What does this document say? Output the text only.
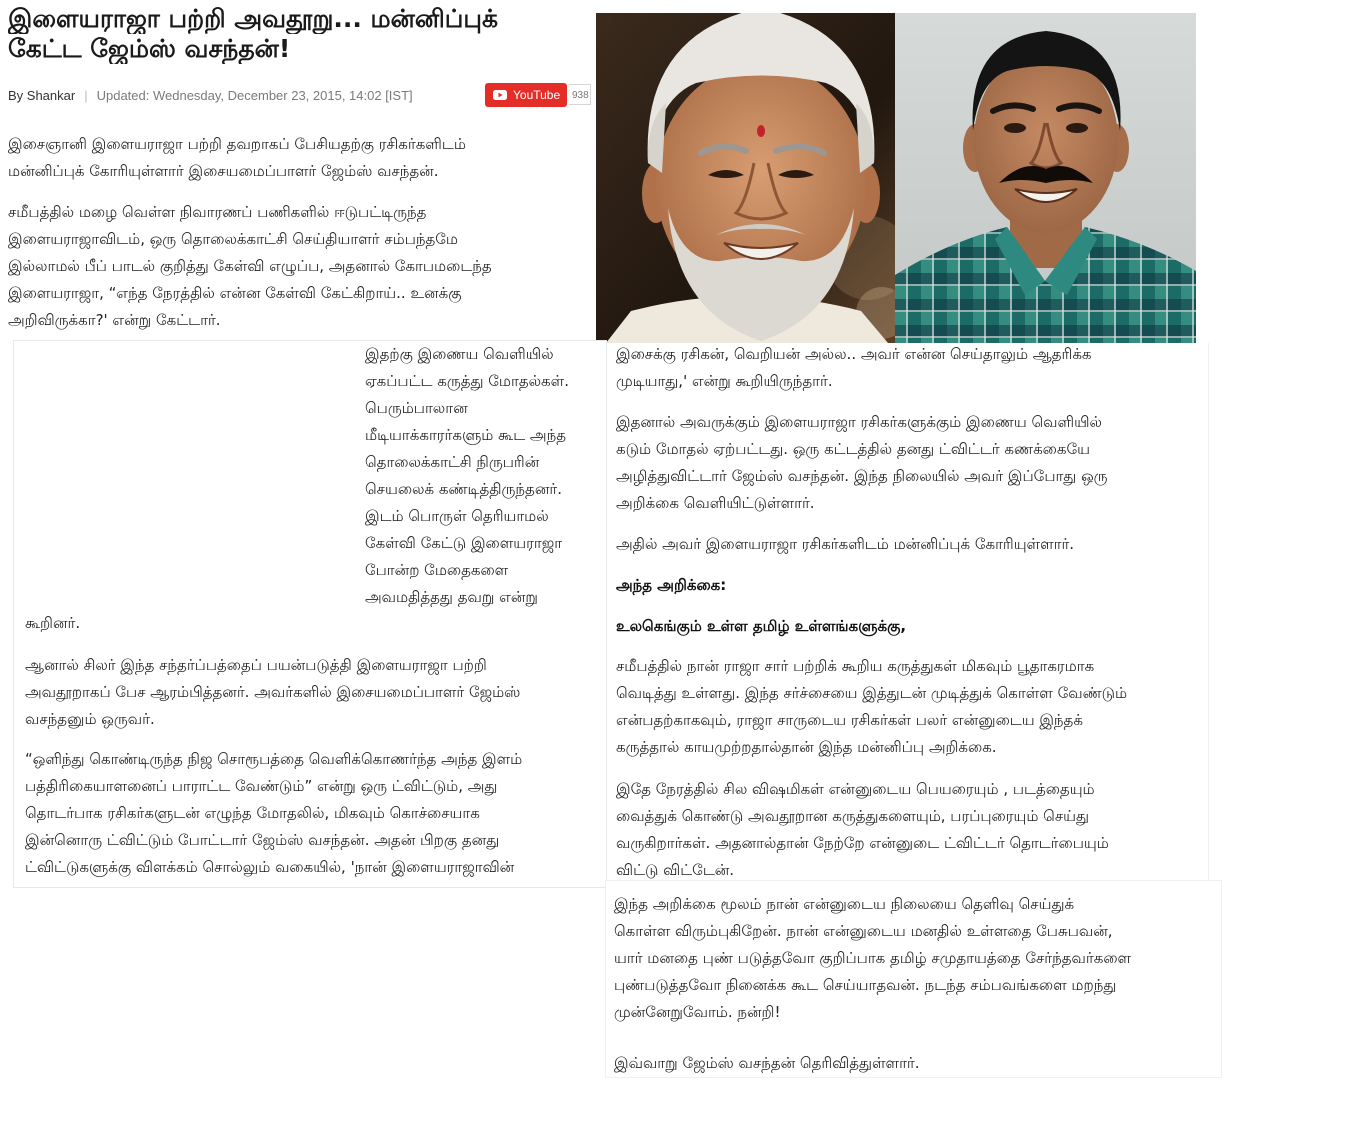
இளையராஜா பற்றி அவதூறு... மன்னிப்புக்
கேட்ட ஜேம்ஸ் வசந்தன்!
By Shankar | Updated: Wednesday, December 23, 2015, 14:02 [IST]	YouTube	938

இசைஞானி இளையராஜா பற்றி தவறாகப் பேசியதற்கு ரசிகர்களிடம்
மன்னிப்புக் கோரியுள்ளார் இசையமைப்பாளர் ஜேம்ஸ் வசந்தன்.

சமீபத்தில் மழை வெள்ள நிவாரணப் பணிகளில் ஈடுபட்டிருந்த
இளையராஜாவிடம், ஒரு தொலைக்காட்சி செய்தியாளர் சம்பந்தமே
இல்லாமல் பீப் பாடல் குறித்து கேள்வி எழுப்ப, அதனால் கோபமடைந்த
இளையராஜா, “எந்த நேரத்தில் என்ன கேள்வி கேட்கிறாய்.. உனக்கு
அறிவிருக்கா?' என்று கேட்டார்.

இதற்கு இணைய வெளியில்
ஏகப்பட்ட கருத்து மோதல்கள்.
பெரும்பாலான
மீடியாக்காரர்களும் கூட அந்த
தொலைக்காட்சி நிருபரின்
செயலைக் கண்டித்திருந்தனர்.
இடம் பொருள் தெரியாமல்
கேள்வி கேட்டு இளையராஜா
போன்ற மேதைகளை
அவமதித்தது தவறு என்று

கூறினர்.

ஆனால் சிலர் இந்த சந்தர்ப்பத்தைப் பயன்படுத்தி இளையராஜா பற்றி
அவதூறாகப் பேச ஆரம்பித்தனர். அவர்களில் இசையமைப்பாளர் ஜேம்ஸ்
வசந்தனும் ஒருவர்.

“ஒளிந்து கொண்டிருந்த நிஜ சொரூபத்தை வெளிக்கொணர்ந்த அந்த இளம்
பத்திரிகையாளனைப் பாராட்ட வேண்டும்” என்று ஒரு ட்விட்டும், அது
தொடர்பாக ரசிகர்களுடன் எழுந்த மோதலில், மிகவும் கொச்சையாக
இன்னொரு ட்விட்டும் போட்டார் ஜேம்ஸ் வசந்தன். அதன் பிறகு தனது
ட்விட்டுகளுக்கு விளக்கம் சொல்லும் வகையில், 'நான் இளையராஜாவின்

இசைக்கு ரசிகன், வெறியன் அல்ல.. அவர் என்ன செய்தாலும் ஆதரிக்க
முடியாது,' என்று கூறியிருந்தார்.

இதனால் அவருக்கும் இளையராஜா ரசிகர்களுக்கும் இணைய வெளியில்
கடும் மோதல் ஏற்பட்டது. ஒரு கட்டத்தில் தனது ட்விட்டர் கணக்கையே
அழித்துவிட்டார் ஜேம்ஸ் வசந்தன். இந்த நிலையில் அவர் இப்போது ஒரு
அறிக்கை வெளியிட்டுள்ளார்.

அதில் அவர் இளையராஜா ரசிகர்களிடம் மன்னிப்புக் கோரியுள்ளார்.

அந்த அறிக்கை:

உலகெங்கும் உள்ள தமிழ் உள்ளங்களுக்கு,

சமீபத்தில் நான் ராஜா சார் பற்றிக் கூறிய கருத்துகள் மிகவும் பூதாகரமாக
வெடித்து உள்ளது. இந்த சர்ச்சையை இத்துடன் முடித்துக் கொள்ள வேண்டும்
என்பதற்காகவும், ராஜா சாருடைய ரசிகர்கள் பலர் என்னுடைய இந்தக்
கருத்தால் காயமுற்றதால்தான் இந்த மன்னிப்பு அறிக்கை.

இதே நேரத்தில் சில விஷமிகள் என்னுடைய பெயரையும் , படத்தையும்
வைத்துக் கொண்டு அவதூறான கருத்துகளையும், பரப்புரையும் செய்து
வருகிறார்கள். அதனால்தான் நேற்றே என்னுடை ட்விட்டர் தொடர்பையும்
விட்டு விட்டேன்.

இந்த அறிக்கை மூலம் நான் என்னுடைய நிலையை தெளிவு செய்துக்
கொள்ள விரும்புகிறேன். நான் என்னுடைய மனதில் உள்ளதை பேசுபவன்,
யார் மனதை புண் படுத்தவோ குறிப்பாக தமிழ் சமுதாயத்தை சேர்ந்தவர்களை
புண்படுத்தவோ நினைக்க கூட செய்யாதவன். நடந்த சம்பவங்களை மறந்து
முன்னேறுவோம். நன்றி!

இவ்வாறு ஜேம்ஸ் வசந்தன் தெரிவித்துள்ளார்.
